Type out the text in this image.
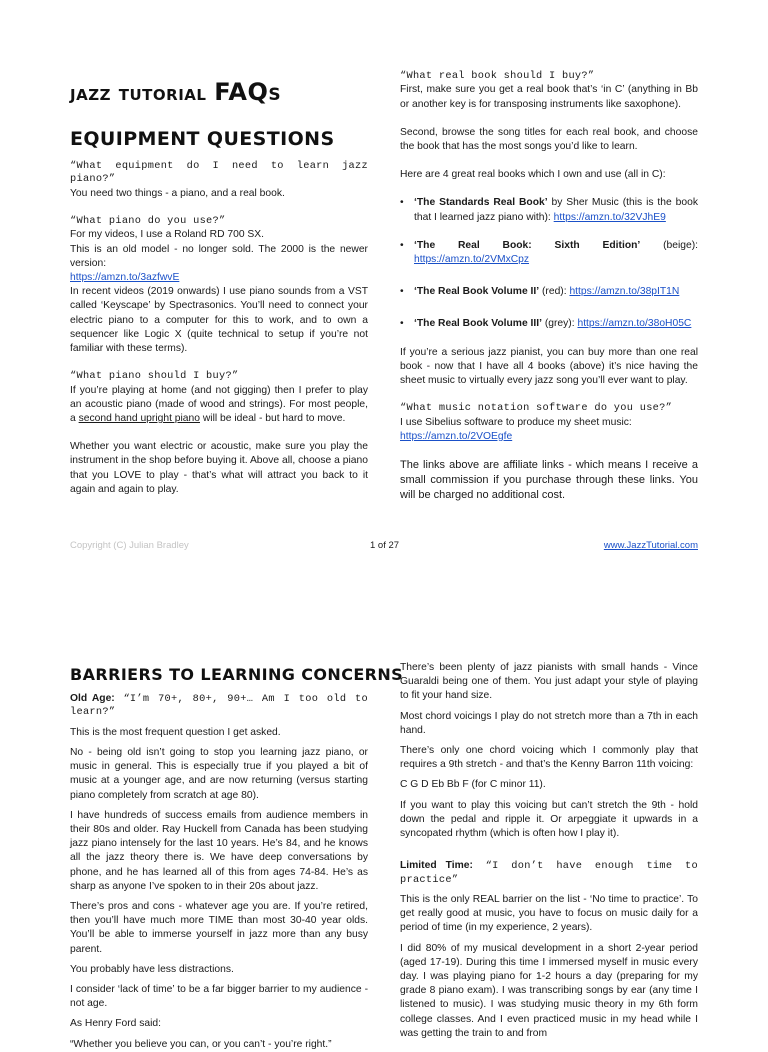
jazz tutorial FAQs
EQUIPMENT QUESTIONS

“What equipment do I need to learn jazz piano?”

You need two things - a piano, and a real book.

“What piano do you use?”

For my videos, I use a Roland RD 700 SX.

This is an old model - no longer sold. The 2000 is the newer version:

https://amzn.to/3azfwvE

In recent videos (2019 onwards) I use piano sounds from a VST called ‘Keyscape’ by Spectrasonics. You’ll need to connect your electric piano to a computer for this to work, and to own a sequencer like Logic X (quite technical to setup if you’re not familiar with these terms).

“What piano should I buy?”

If you’re playing at home (and not gigging) then I prefer to play an acoustic piano (made of wood and strings). For most people, a second hand upright piano will be ideal - but hard to move.

Whether you want electric or acoustic, make sure you play the instrument in the shop before buying it. Above all, choose a piano that you LOVE to play - that’s what will attract you back to it again and again to play.

“What real book should I buy?”

First, make sure you get a real book that’s ‘in C’ (anything in Bb or another key is for transposing instruments like saxophone).

Second, browse the song titles for each real book, and choose the book that has the most songs you’d like to learn.

Here are 4 great real books which I own and use (all in C):

• ‘The Standards Real Book’ by Sher Music (this is the book that I learned jazz piano with): https://amzn.to/32VJhE9
• ‘The Real Book: Sixth Edition’ (beige): https://amzn.to/2VMxCpz
• ‘The Real Book Volume II’ (red): https://amzn.to/38pIT1N
• ‘The Real Book Volume III’ (grey): https://amzn.to/38oH05C

If you’re a serious jazz pianist, you can buy more than one real book - now that I have all 4 books (above) it’s nice having the sheet music to virtually every jazz song you’ll ever want to play.

“What music notation software do you use?”

I use Sibelius software to produce my sheet music:

https://amzn.to/2VOEgfe

The links above are affiliate links - which means I receive a small commission if you purchase through these links. You will be charged no additional cost.

Copyright (C) Julian Bradley	1 of 27	www.JazzTutorial.com
BARRIERS TO LEARNING CONCERNS

Old Age: “I’m 70+, 80+, 90+… Am I too old to learn?”

This is the most frequent question I get asked.

No - being old isn’t going to stop you learning jazz piano, or music in general. This is especially true if you played a bit of music at a younger age, and are now returning (versus starting piano completely from scratch at age 80).

I have hundreds of success emails from audience members in their 80s and older. Ray Huckell from Canada has been studying jazz piano intensely for the last 10 years. He’s 84, and he knows all the jazz theory there is. We have deep conversations by phone, and he has learned all of this from ages 74-84. He’s as sharp as anyone I’ve spoken to in their 20s about jazz.

There’s pros and cons - whatever age you are. If you’re retired, then you’ll have much more TIME than most 30-40 year olds. You’ll be able to immerse yourself in jazz more than any busy parent.

You probably have less distractions.

I consider ‘lack of time’ to be a far bigger barrier to my audience - not age.

As Henry Ford said:

“Whether you believe you can, or you can’t - you’re right.”

There’s been plenty of jazz pianists with small hands - Vince Guaraldi being one of them. You just adapt your style of playing to fit your hand size.

Most chord voicings I play do not stretch more than a 7th in each hand.

There’s only one chord voicing which I commonly play that requires a 9th stretch - and that’s the Kenny Barron 11th voicing:

C G D Eb Bb F (for C minor 11).

If you want to play this voicing but can’t stretch the 9th - hold down the pedal and ripple it. Or arpeggiate it upwards in a syncopated rhythm (which is often how I play it).

Limited Time: “I don’t have enough time to practice”

This is the only REAL barrier on the list - ‘No time to practice’. To get really good at music, you have to focus on music daily for a period of time (in my experience, 2 years).

I did 80% of my musical development in a short 2-year period (aged 17-19). During this time I immersed myself in music every day. I was playing piano for 1-2 hours a day (preparing for my grade 8 piano exam). I was transcribing songs by ear (any time I listened to music). I was studying music theory in my 6th form college classes. And I even practiced music in my head while I was getting the train to and from
